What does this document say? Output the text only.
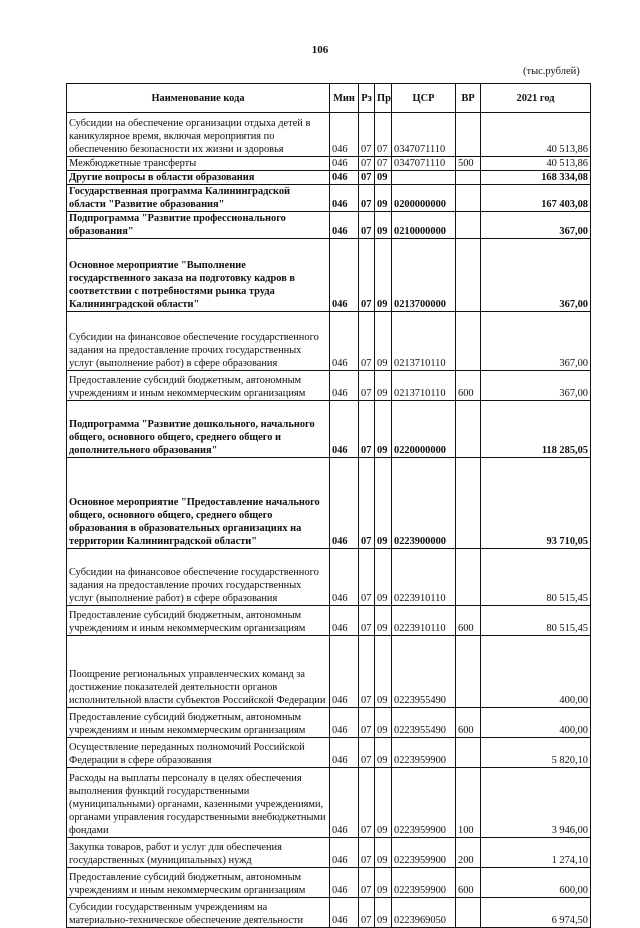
106
(тыс.рублей)
Наименование кода	Мин	Рз	Пр	ЦСР	ВР	2021 год
Субсидии на обеспечение организации отдыха детей в каникулярное время, включая мероприятия по обеспечению безопасности их жизни и здоровья	046	07	07	0347071110		40 513,86
Межбюджетные трансферты	046	07	07	0347071110	500	40 513,86
Другие вопросы в области образования	046	07	09			168 334,08
Государственная программа Калининградской области "Развитие образования"	046	07	09	0200000000		167 403,08
Подпрограмма "Развитие профессионального образования"	046	07	09	0210000000		367,00
Основное мероприятие "Выполнение государственного заказа на подготовку кадров в соответствии с потребностями рынка труда Калининградской области"	046	07	09	0213700000		367,00
Субсидии на финансовое обеспечение государственного задания на предоставление прочих государственных услуг (выполнение работ) в сфере образования	046	07	09	0213710110		367,00
Предоставление субсидий бюджетным, автономным учреждениям и иным некоммерческим организациям	046	07	09	0213710110	600	367,00
Подпрограмма "Развитие дошкольного, начального общего, основного общего, среднего общего и дополнительного образования"	046	07	09	0220000000		118 285,05
Основное мероприятие "Предоставление начального общего, основного общего, среднего общего образования в образовательных организациях на территории Калининградской области"	046	07	09	0223900000		93 710,05
Субсидии на финансовое обеспечение государственного задания на предоставление прочих государственных услуг (выполнение работ) в сфере образования	046	07	09	0223910110		80 515,45
Предоставление субсидий бюджетным, автономным учреждениям и иным некоммерческим организациям	046	07	09	0223910110	600	80 515,45
Поощрение региональных управленческих команд за достижение показателей деятельности органов исполнительной власти субъектов Российской Федерации	046	07	09	0223955490		400,00
Предоставление субсидий бюджетным, автономным учреждениям и иным некоммерческим организациям	046	07	09	0223955490	600	400,00
Осуществление переданных полномочий Российской Федерации в сфере образования	046	07	09	0223959900		5 820,10
Расходы на выплаты персоналу в целях обеспечения выполнения функций государственными (муниципальными) органами, казенными учреждениями, органами управления государственными внебюджетными фондами	046	07	09	0223959900	100	3 946,00
Закупка товаров, работ и услуг для обеспечения государственных (муниципальных) нужд	046	07	09	0223959900	200	1 274,10
Предоставление субсидий бюджетным, автономным учреждениям и иным некоммерческим организациям	046	07	09	0223959900	600	600,00
Субсидии государственным учреждениям на материально-техническое обеспечение деятельности	046	07	09	0223969050		6 974,50
